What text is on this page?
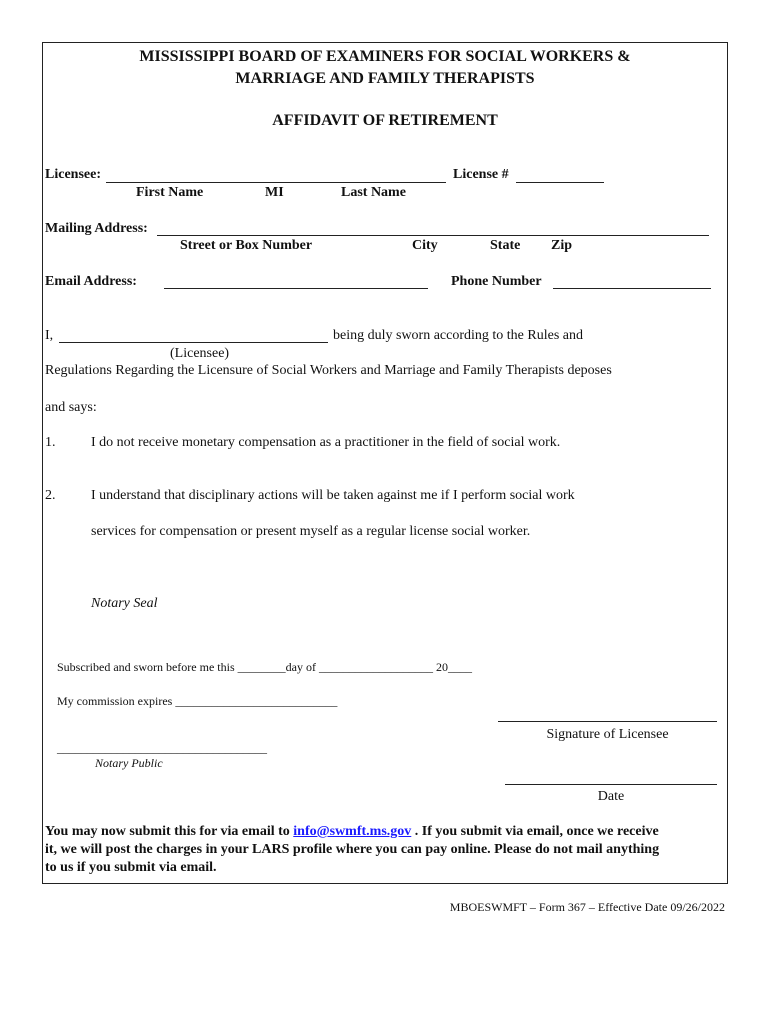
MISSISSIPPI BOARD OF EXAMINERS FOR SOCIAL WORKERS &
MARRIAGE AND FAMILY THERAPISTS
AFFIDAVIT OF RETIREMENT
Licensee:	License #
First Name	MI	Last Name
Mailing Address:
Street or Box Number	City	State Zip
Email Address:	Phone Number
I,	being duly sworn according to the Rules and
(Licensee)
Regulations Regarding the Licensure of Social Workers and Marriage and Family Therapists deposes
and says:
1.	I do not receive monetary compensation as a practitioner in the field of social work.
2.	I understand that disciplinary actions will be taken against me if I perform social work
services for compensation or present myself as a regular license social worker.
Notary Seal
Subscribed and sworn before me this ________day of ___________________ 20____
My commission expires ___________________________
Signature of Licensee
___________________________________
Notary Public
Date
You may now submit this for via email to info@swmft.ms.gov . If you submit via email, once we receive
it, we will post the charges in your LARS profile where you can pay online. Please do not mail anything
to us if you submit via email.
MBOESWMFT – Form 367 – Effective Date 09/26/2022
